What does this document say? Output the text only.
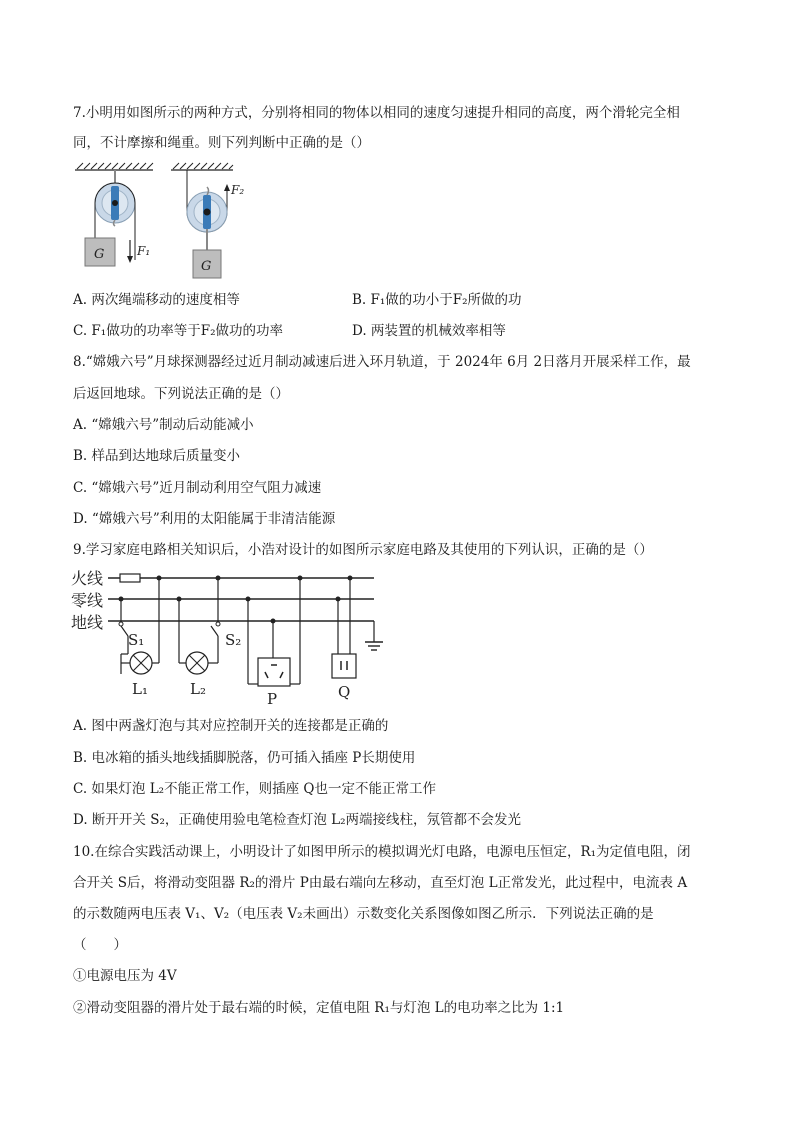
7.小明用如图所示的两种方式，分别将相同的物体以相同的速度匀速提升相同的高度，两个滑轮完全相
同，不计摩擦和绳重。则下列判断中正确的是（）
G
G
F₁
F₂
A. 两次绳端移动的速度相等	B. F₁做的功小于F₂所做的功
C. F₁做功的功率等于F₂做功的功率	D. 两装置的机械效率相等
8.“嫦娥六号”月球探测器经过近月制动减速后进入环月轨道，于 2024年 6月 2日落月开展采样工作，最
后返回地球。下列说法正确的是（）
A. “嫦娥六号”制动后动能减小
B. 样品到达地球后质量变小
C. “嫦娥六号”近月制动利用空气阻力减速
D. “嫦娥六号”利用的太阳能属于非清洁能源
9.学习家庭电路相关知识后，小浩对设计的如图所示家庭电路及其使用的下列认识，正确的是（）
火线
零线
地线
S₁
L₁
S₂
L₂
P	Q
A. 图中两盏灯泡与其对应控制开关的连接都是正确的
B. 电冰箱的插头地线插脚脱落，仍可插入插座 P长期使用
C. 如果灯泡 L₂不能正常工作，则插座 Q也一定不能正常工作
D. 断开开关 S₂，正确使用验电笔检查灯泡 L₂两端接线柱，氖管都不会发光
10.在综合实践活动课上，小明设计了如图甲所示的模拟调光灯电路，电源电压恒定，R₁为定值电阻，闭
合开关 S后，将滑动变阻器 R₂的滑片 P由最右端向左移动，直至灯泡 L正常发光，此过程中，电流表 A
的示数随两电压表 V₁、V₂（电压表 V₂未画出）示数变化关系图像如图乙所示．下列说法正确的是
（　　）
①电源电压为 4V
②滑动变阻器的滑片处于最右端的时候，定值电阻 R₁与灯泡 L的电功率之比为 1:1
